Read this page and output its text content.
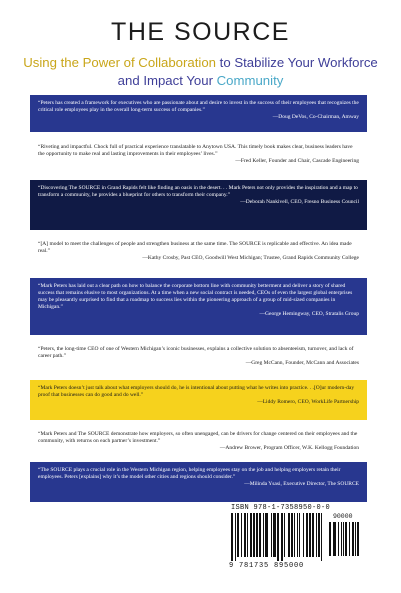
THE SOURCE
Using the Power of Collaboration to Stabilize Your Workforce and Impact Your Community
“Peters has created a framework for executives who are passionate about and desire to invest in the success of their employees that recognizes the critical role employees play in the overall long-term success of companies.”
—Doug DeVos, Co-Chairman, Amway
“Riveting and impactful. Chock full of practical experience translatable to Anytown USA. This timely book makes clear, business leaders have the opportunity to make real and lasting improvements in their employees’ lives.”
—Fred Keller, Founder and Chair, Cascade Engineering
“Discovering The SOURCE in Grand Rapids felt like finding an oasis in the desert. . . Mark Peters not only provides the inspiration and a map to transform a community, he provides a blueprint for others to transform their company.”
—Deborah Nankivell, CEO, Fresno Business Council
“[A] model to meet the challenges of people and strengthen business at the same time. The SOURCE is replicable and effective. An idea made real.”
—Kathy Crosby, Past CEO, Goodwill West Michigan; Trustee, Grand Rapids Community College
“Mark Peters has laid out a clear path on how to balance the corporate bottom line with community betterment and deliver a story of shared success that remains elusive to most organizations. At a time when a new social contract is needed, CEOs of even the largest global enterprises may be pleasantly surprised to find that a roadmap to success lies within the pioneering approach of a group of mid-sized companies in Michigan.”
—George Hemingway, CEO, Stratalis Group
“Peters, the long-time CEO of one of Western Michigan’s iconic businesses, explains a collective solution to absenteeism, turnover, and lack of career path.”
—Greg McCann, Founder, McCann and Associates
“Mark Peters doesn’t just talk about what employers should do, he is intentional about putting what he writes into practice. . .[O]ur modern-day proof that businesses can do good and do well.”
—Liddy Romero, CEO, WorkLife Partnership
“Mark Peters and The SOURCE demonstrate how employers, so often unengaged, can be drivers for change centered on their employees and the community, with returns on each partner’s investment.”
—Andrew Brower, Program Officer, W.K. Kellogg Foundation
“The SOURCE plays a crucial role in the Western Michigan region, helping employees stay on the job and helping employers retain their employees. Peters [explains] why it’s the model other cities and regions should consider.”
—Milinda Ysasi, Executive Director, The SOURCE
ISBN 978-1-7358950-0-0
90000
9 781735 895000
